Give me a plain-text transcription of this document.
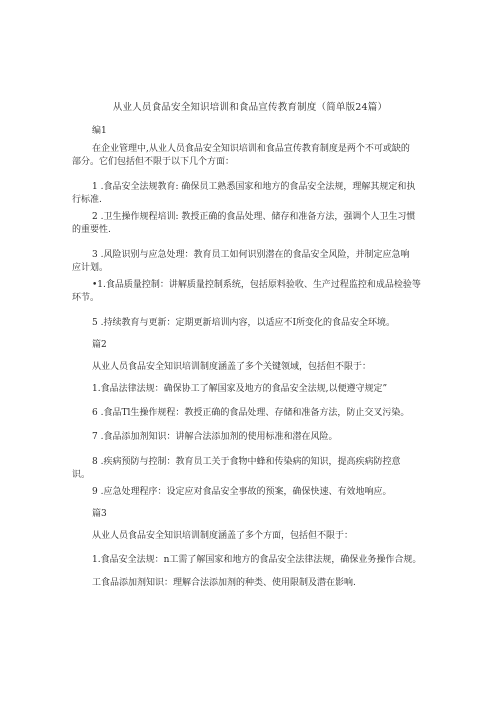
从业人员食品安全知识培训和食品宣传教育制度（简单版24篇）
编1
在企业管理中,从业人员食品安全知识培训和食品宣传教育制度是两个不可或缺的
部分。它们包括但不限于以下几个方面：
1 .食品安全法规教育: 确保员工熟悉国家和地方的食品安全法规，理解其规定和执
行标准.
2 .卫生操作规程培训: 教授正确的食品处理、储存和准备方法，强调个人卫生习惯
的重要性.
3 .风险识别与应急处理：教育员工如何识别潜在的食品安全风险，并制定应急响
应计划。
•1.食品质量控制：讲解质量控制系统，包括原料验收、生产过程监控和成品检验等
环节。
5 .持续教育与更新：定期更新培训内容，以适应不I所变化的食品安全环境。
篇2
从业人员食品安全知识培训制度涵盖了多个关键领域，包括但不限于：
1.食品法律法规：确保协工了解国家及地方的食品安全法规,以便遵守规定”
6 .食品Tl生操作规程：教授正确的食品处理、存储和准备方法，防止交叉污染。
7 .食品添加剂知识：讲解合法添加剂的使用标准和潜在风险。
8 .疾病预防与控制：教育员工关于食物中蜂和传染病的知识，提高疾病防控意
识。
9 .应急处理程序：设定应对食品安全事故的预案，确保快速、有效地响应。
篇3
从业人员食品安全知识培训制度涵盖了多个方面，包括但不限于：
1.食品安全法规：n工需了解国家和地方的食品安全法律法规，确保业务操作合规。
工食品添加剂知识：理解合法添加剂的种类、使用限制及潜在影响.
